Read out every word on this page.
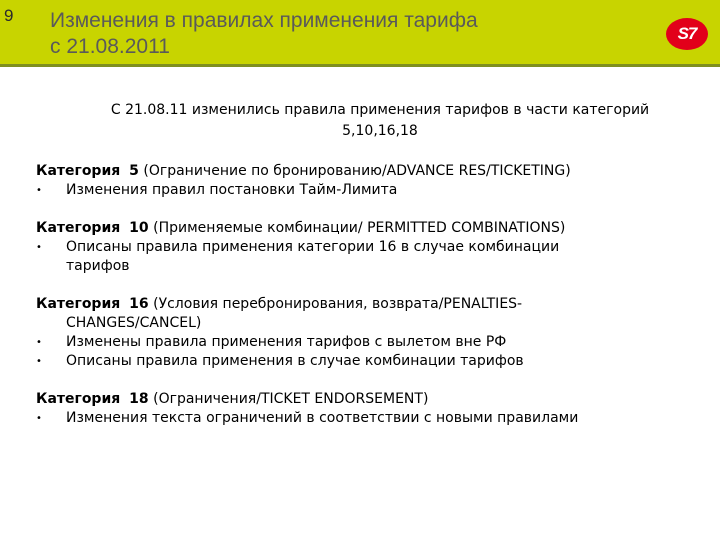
9 Изменения в правилах применения тарифа
с 21.08.2011
S7
С 21.08.11 изменились правила применения тарифов в части категорий
5,10,16,18
Категория 5 (Ограничение по бронированию/ADVANCE RES/TICKETING)
•	Изменения правил постановки Тайм-Лимита
Категория 10 (Применяемые комбинации/ PERMITTED COMBINATIONS)
•	Описаны правила применения категории 16 в случае комбинации тарифов
Категория 16 (Условия перебронирования, возврата/PENALTIES-CHANGES/CANCEL)
•	Изменены правила применения тарифов с вылетом вне РФ
•	Описаны правила применения в случае комбинации тарифов
Категория 18 (Ограничения/TICKET ENDORSEMENT)
•	Изменения текста ограничений в соответствии с новыми правилами
